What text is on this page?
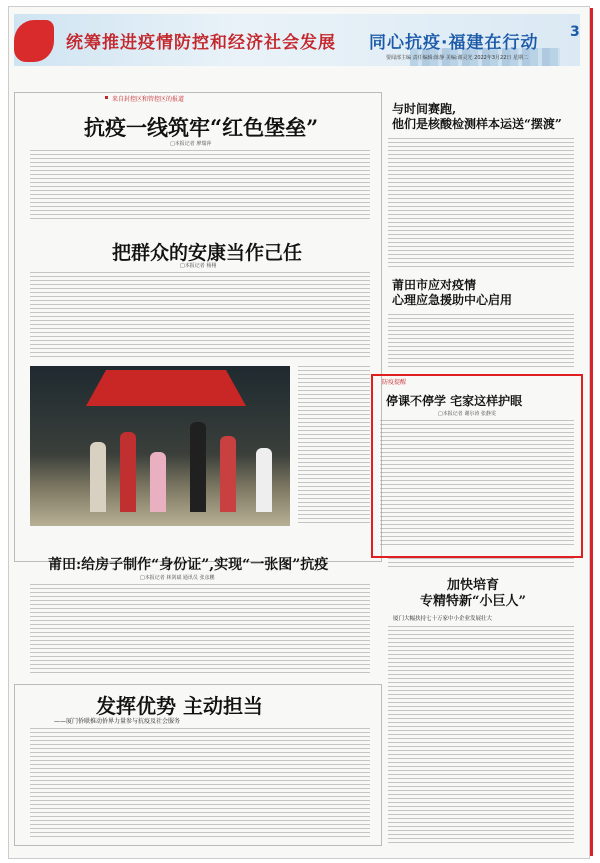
统筹推进疫情防控和经济社会发展 同心抗疫·福建在行动
3
要闻部主编 责任编辑:陈静 美编:谢灵光 2022年3月22日 星期二
来自封控区和管控区的报道
抗疫一线筑牢“红色堡垒”
□本报记者 廖瑞萍
把群众的安康当作己任
□本报记者 杨栩
莆田:给房子制作“身份证”,实现“一张图”抗疫
□本报记者 林剑斌 通讯员 张彦鹏
发挥优势 主动担当
——厦门侨联推动侨界力量参与抗疫及社会服务
与时间赛跑,
他们是核酸检测样本运送“摆渡”
莆田市应对疫情
心理应急援助中心启用
防疫提醒
停课不停学 宅家这样护眼
□本报记者 谢尔涛 张静雯
加快培育
专精特新“小巨人”
厦门大幅扶持七十万家中小企业发展壮大
